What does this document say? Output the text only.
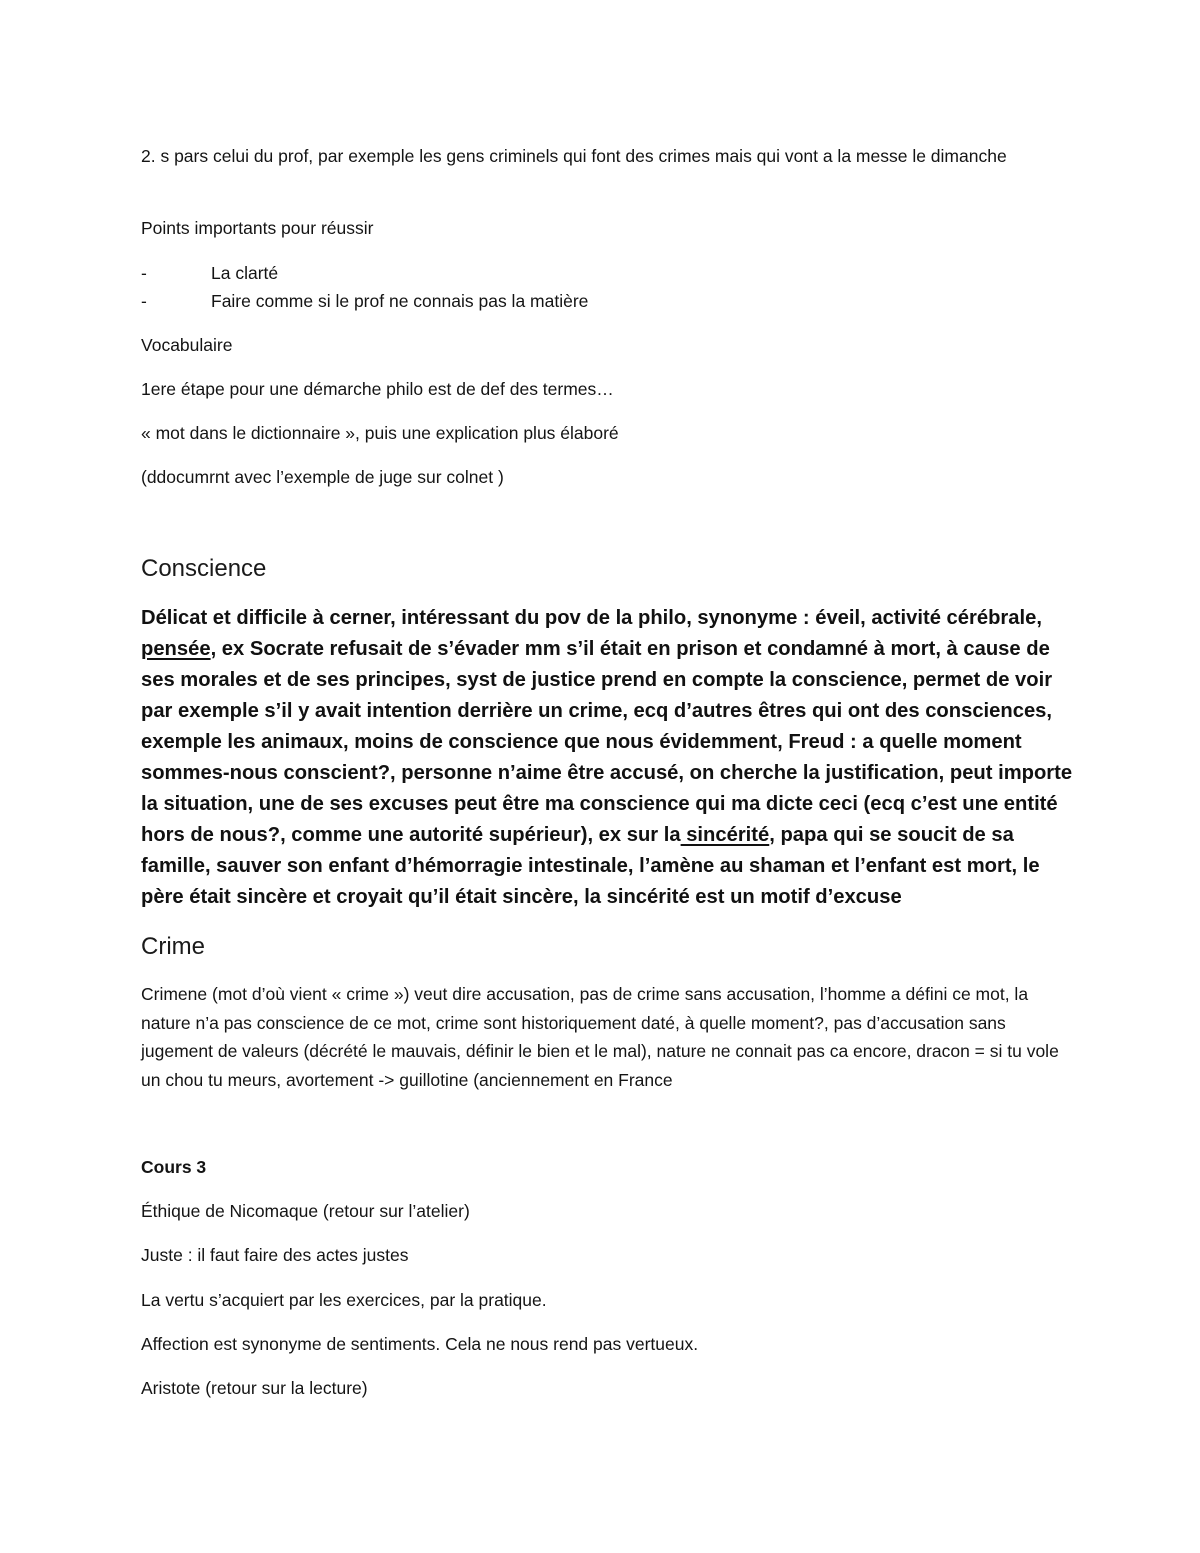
2. s pars celui du prof, par exemple les gens criminels qui font des crimes mais qui vont a la messe le dimanche

Points importants pour réussir

-	La clarté
-	Faire comme si le prof ne connais pas la matière

Vocabulaire

1ere étape pour une démarche philo est de def des termes…

« mot dans le dictionnaire », puis une explication plus élaboré

(ddocumrnt avec l’exemple de juge sur colnet )

Conscience

Délicat et difficile à cerner, intéressant du pov de la philo, synonyme : éveil, activité cérébrale, pensée, ex Socrate refusait de s’évader mm s’il était en prison et condamné à mort, à cause de ses morales et de ses principes, syst de justice prend en compte la conscience, permet de voir par exemple s’il y avait intention derrière un crime, ecq d’autres êtres qui ont des consciences, exemple les animaux, moins de conscience que nous évidemment, Freud : a quelle moment sommes-nous conscient?, personne n’aime être accusé, on cherche la justification, peut importe la situation, une de ses excuses peut être ma conscience qui ma dicte ceci (ecq c’est une entité hors de nous?, comme une autorité supérieur), ex sur la sincérité, papa qui se soucit de sa famille, sauver son enfant d’hémorragie intestinale, l’amène au shaman et l’enfant est mort, le père était sincère et croyait qu’il était sincère, la sincérité est un motif d’excuse

Crime

Crimene (mot d’où vient « crime ») veut dire accusation, pas de crime sans accusation, l’homme a défini ce mot, la nature n’a pas conscience de ce mot, crime sont historiquement daté, à quelle moment?, pas d’accusation sans jugement de valeurs (décrété le mauvais, définir le bien et le mal), nature ne connait pas ca encore, dracon = si tu vole un chou tu meurs, avortement -> guillotine (anciennement en France

Cours 3

Éthique de Nicomaque (retour sur l’atelier)

Juste : il faut faire des actes justes

La vertu s’acquiert par les exercices, par la pratique.

Affection est synonyme de sentiments. Cela ne nous rend pas vertueux.

Aristote (retour sur la lecture)
